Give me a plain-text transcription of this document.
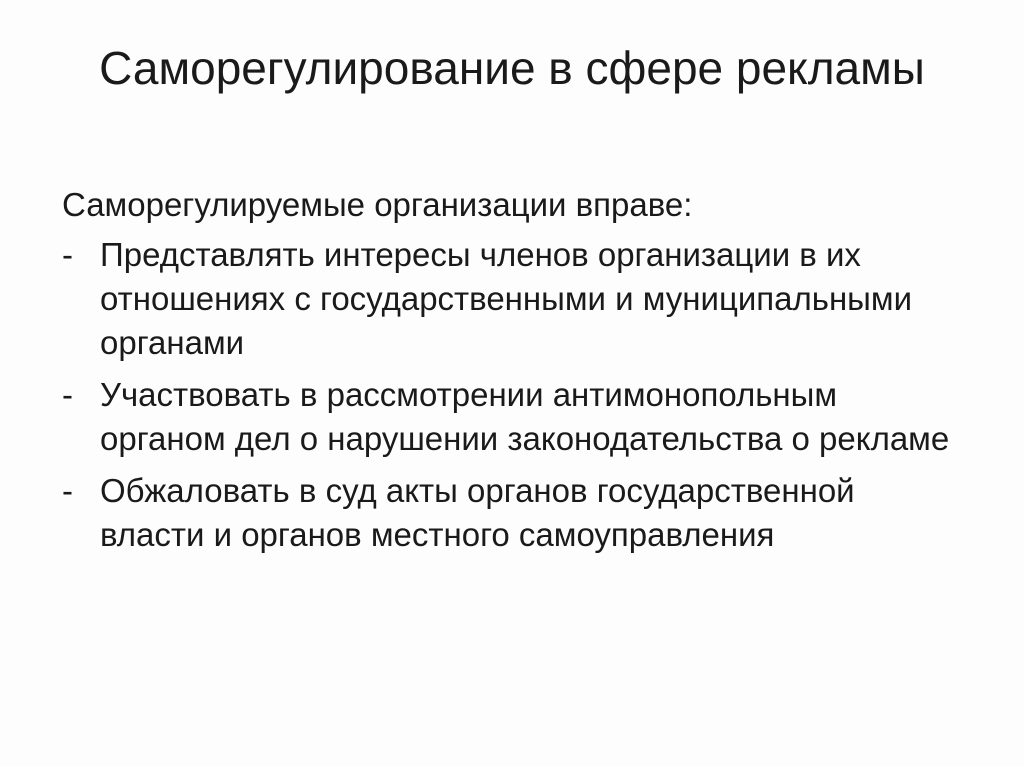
Саморегулирование в сфере рекламы

Саморегулируемые организации вправе:

- Представлять интересы членов организации в их отношениях с государственными и муниципальными органами
- Участвовать в рассмотрении антимонопольным органом дел о нарушении законодательства о рекламе
- Обжаловать в суд акты органов государственной власти и органов местного самоуправления
